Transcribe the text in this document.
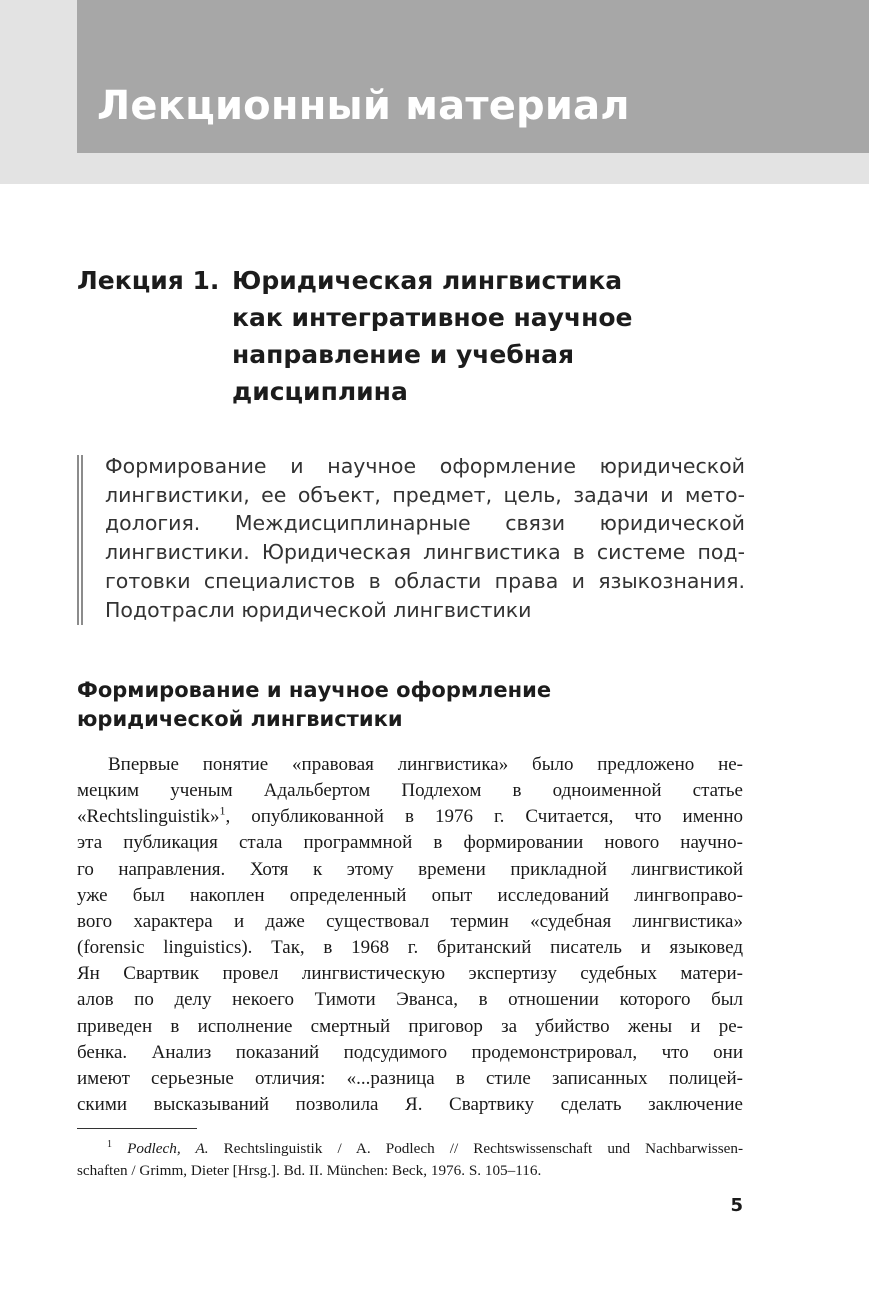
Лекционный материал
Лекция 1. Юридическая лингвистика
как интегративное научное
направление и учебная
дисциплина
Формирование и научное оформление юридической
лингвистики, ее объект, предмет, цель, задачи и мето-
дология. Междисциплинарные связи юридической
лингвистики. Юридическая лингвистика в системе под-
готовки специалистов в области права и языкознания.
Подотрасли юридической лингвистики
Формирование и научное оформление
юридической лингвистики
Впервые понятие «правовая лингвистика» было предложено не-
мецким ученым Адальбертом Подлехом в одноименной статье
«Rechtslinguistik»$^1$, опубликованной в 1976 г. Считается, что именно
эта публикация стала программной в формировании нового научно-
го направления. Хотя к этому времени прикладной лингвистикой
уже был накоплен определенный опыт исследований лингвоправо-
вого характера и даже существовал термин «судебная лингвистика»
(forensic linguistics). Так, в 1968 г. британский писатель и языковед
Ян Свартвик провел лингвистическую экспертизу судебных матери-
алов по делу некоего Тимоти Эванса, в отношении которого был
приведен в исполнение смертный приговор за убийство жены и ре-
бенка. Анализ показаний подсудимого продемонстрировал, что они
имеют серьезные отличия: «...разница в стиле записанных полицей-
скими высказываний позволила Я. Свартвику сделать заключение
$^1$ Podlech, A. Rechtslinguistik / A. Podlech // Rechtswissenschaft und Nachbarwissen-
schaften / Grimm, Dieter [Hrsg.]. Bd. II. München: Beck, 1976. S. 105–116.
5
